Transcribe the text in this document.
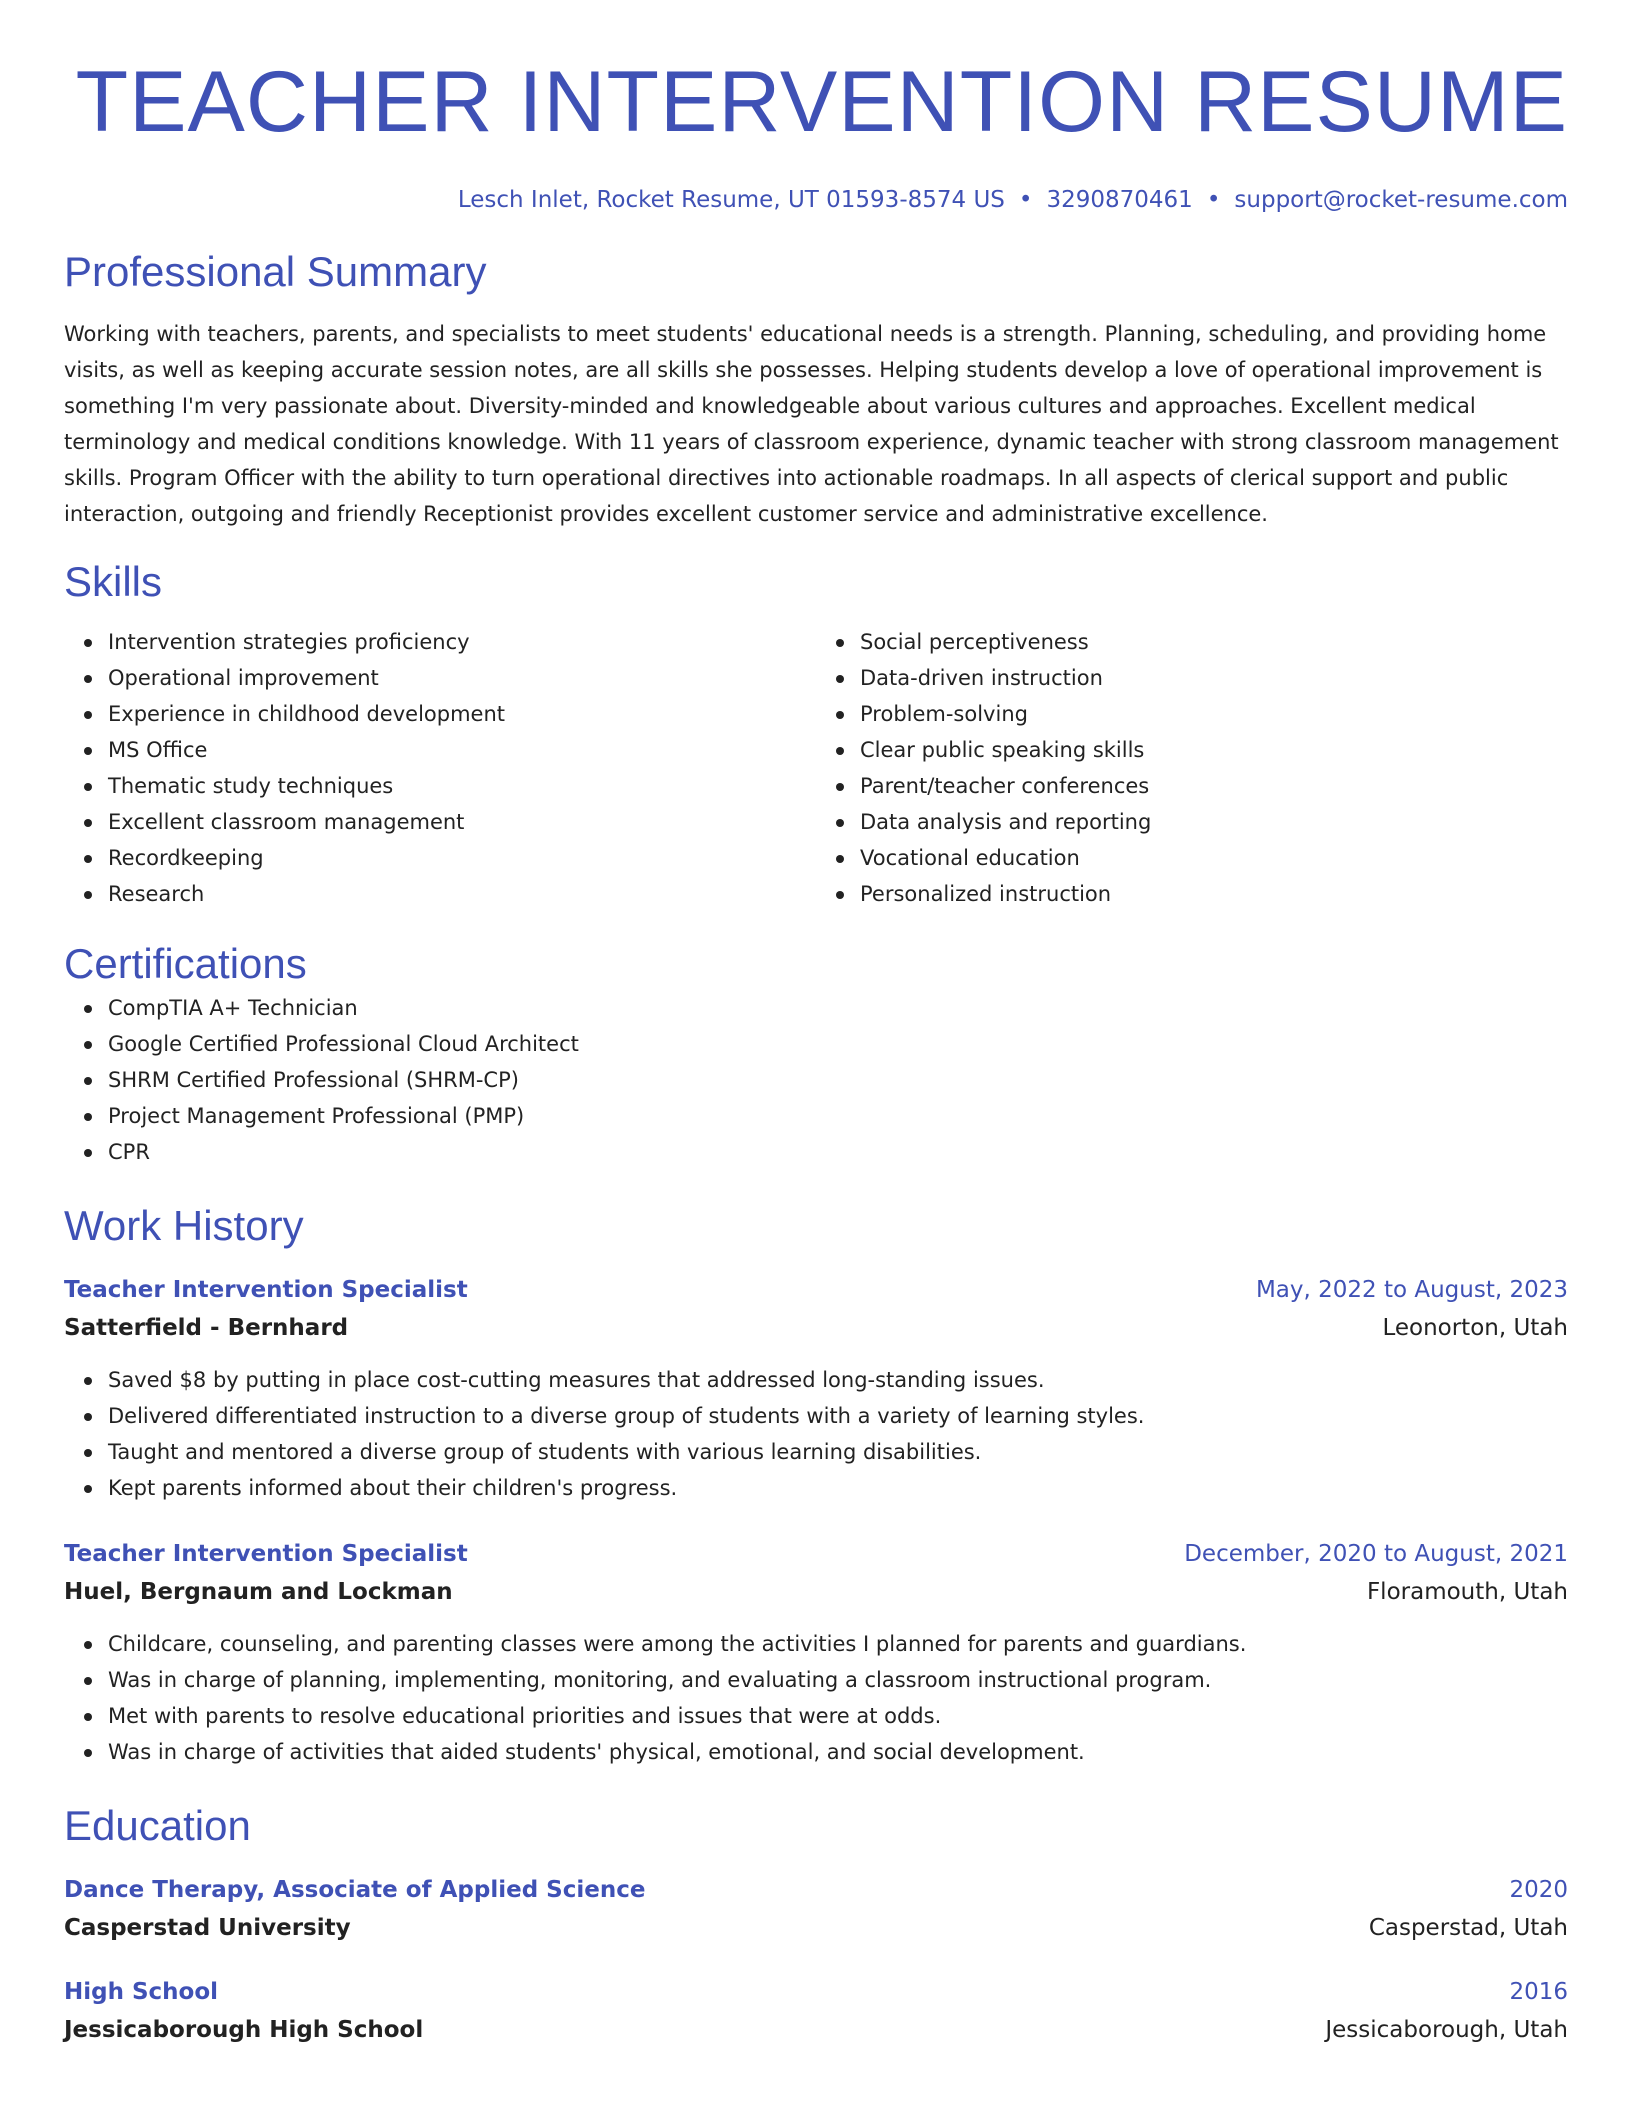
TEACHER INTERVENTION RESUME
Lesch Inlet, Rocket Resume, UT 01593-8574 US • 3290870461 • support@rocket-resume.com
Professional Summary
Working with teachers, parents, and specialists to meet students' educational needs is a strength. Planning, scheduling, and providing home visits, as well as keeping accurate session notes, are all skills she possesses. Helping students develop a love of operational improvement is something I'm very passionate about. Diversity-minded and knowledgeable about various cultures and approaches. Excellent medical terminology and medical conditions knowledge. With 11 years of classroom experience, dynamic teacher with strong classroom management skills. Program Officer with the ability to turn operational directives into actionable roadmaps. In all aspects of clerical support and public interaction, outgoing and friendly Receptionist provides excellent customer service and administrative excellence.
Skills
Intervention strategies proficiency
Operational improvement
Experience in childhood development
MS Office
Thematic study techniques
Excellent classroom management
Recordkeeping
Research
Social perceptiveness
Data-driven instruction
Problem-solving
Clear public speaking skills
Parent/teacher conferences
Data analysis and reporting
Vocational education
Personalized instruction
Certifications
CompTIA A+ Technician
Google Certified Professional Cloud Architect
SHRM Certified Professional (SHRM-CP)
Project Management Professional (PMP)
CPR
Work History
Teacher Intervention Specialist	May, 2022 to August, 2023
Satterfield - Bernhard	Leonorton, Utah
Saved $8 by putting in place cost-cutting measures that addressed long-standing issues.
Delivered differentiated instruction to a diverse group of students with a variety of learning styles.
Taught and mentored a diverse group of students with various learning disabilities.
Kept parents informed about their children's progress.
Teacher Intervention Specialist	December, 2020 to August, 2021
Huel, Bergnaum and Lockman	Floramouth, Utah
Childcare, counseling, and parenting classes were among the activities I planned for parents and guardians.
Was in charge of planning, implementing, monitoring, and evaluating a classroom instructional program.
Met with parents to resolve educational priorities and issues that were at odds.
Was in charge of activities that aided students' physical, emotional, and social development.
Education
Dance Therapy, Associate of Applied Science	2020
Casperstad University	Casperstad, Utah
High School	2016
Jessicaborough High School	Jessicaborough, Utah
